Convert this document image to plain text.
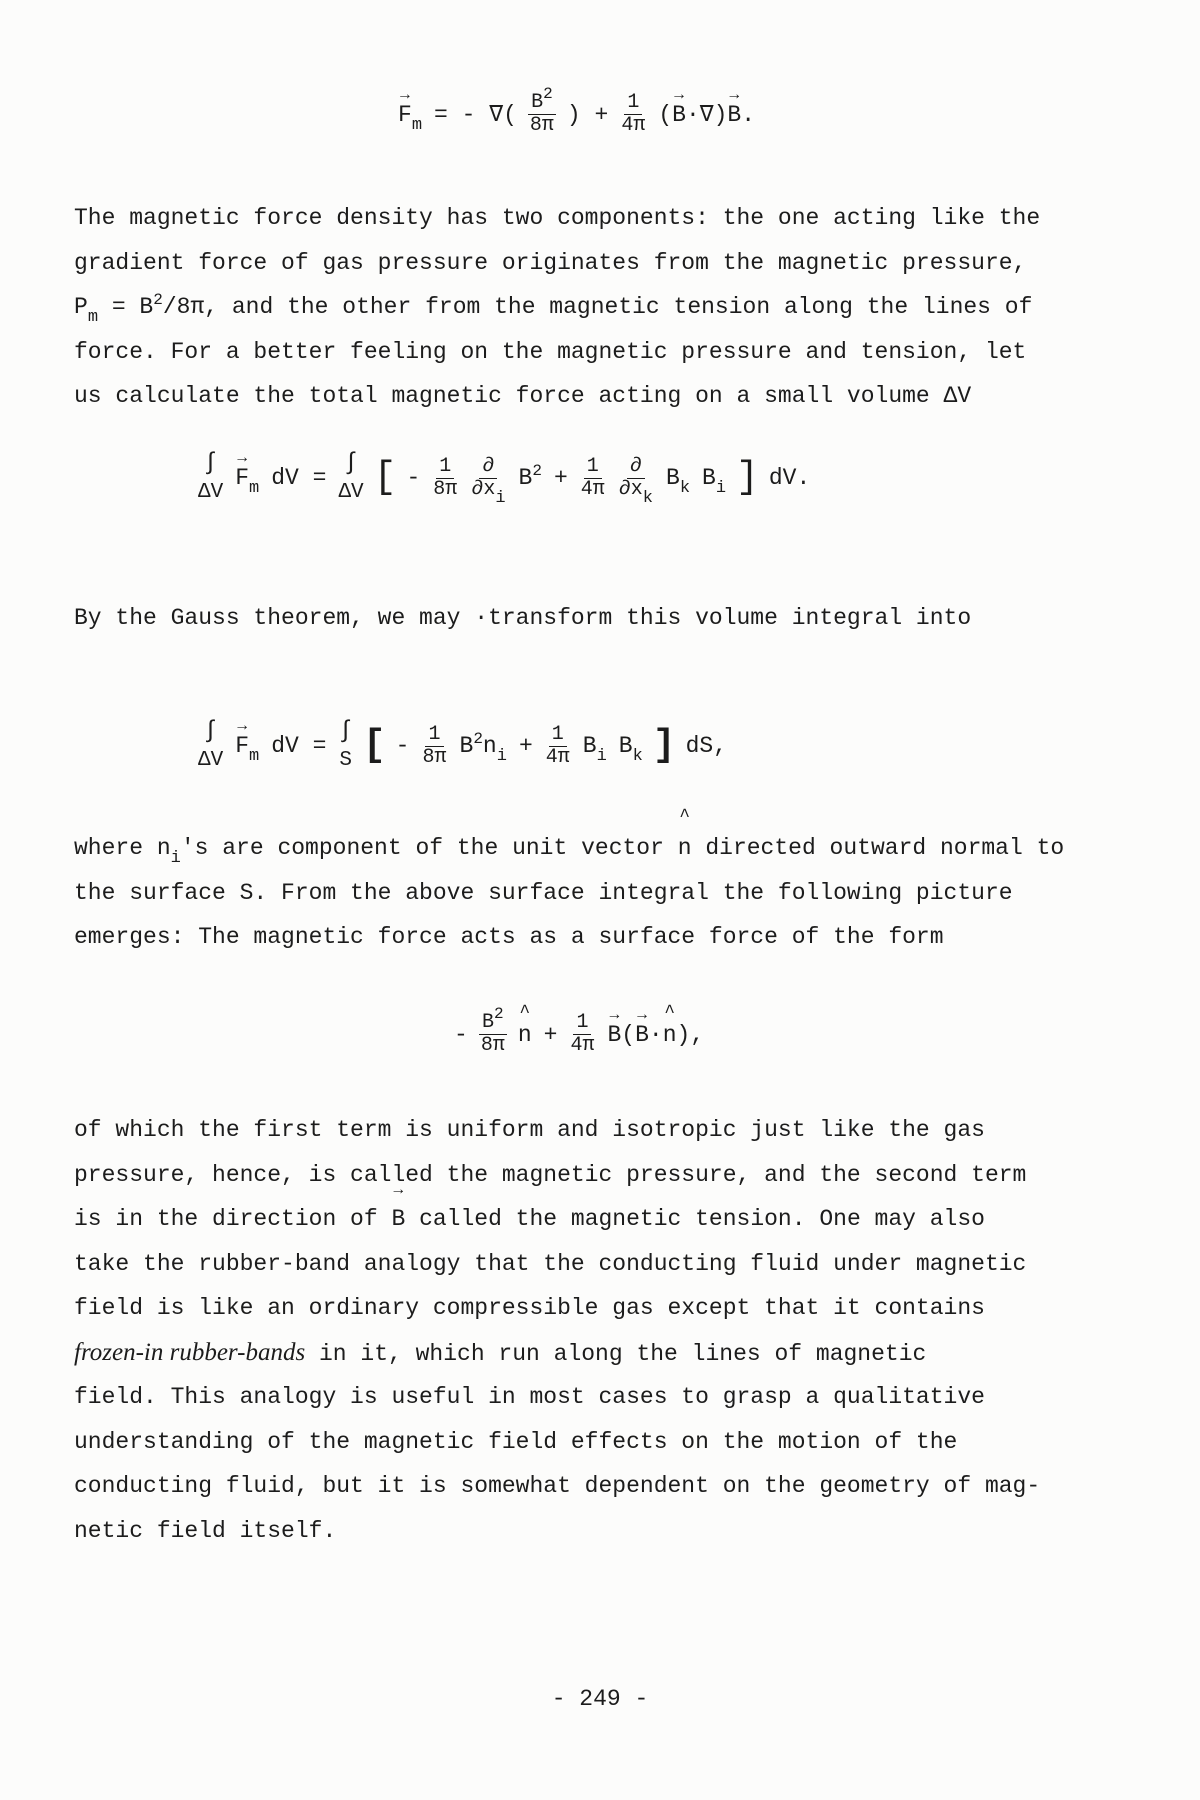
→ $F_m$ = - ∇( $\frac{B^2}{8\pi}$ ) + $\frac{1}{4\pi}$ (→ B·∇)→ B.
The magnetic force density has two components: the one acting like the
gradient force of gas pressure originates from the magnetic pressure,
$P_m = B^2/8\pi$, and the other from the magnetic tension along the lines of
force. For a better feeling on the magnetic pressure and tension, let
us calculate the total magnetic force acting on a small volume ΔV
∫
ΔV
→ $F_m$ dV =
∫
ΔV [ - $\frac{1}{8\pi} \frac{\partial}{\partial x_i} B^2 + \frac{1}{4\pi} \frac{\partial}{\partial x_k} B_k$ $B_i$ ] dV.
By the Gauss theorem, we may ·transform this volume integral into
∫
ΔV
→ $F_m$ dV =
∫
S [ - $\frac{1}{8\pi} B^2n_i + \frac{1}{4\pi} B_i$ $B_k$ ] dS,
where $n_i's$ are component of the unit vector ^ n directed outward normal to
the surface S. From the above surface integral the following picture
emerges: The magnetic force acts as a surface force of the form
- $\frac{B^2}{8\pi}$
^ $n + \frac{1}{4\pi}$
→ B(→ B·^ n),
of which the first term is uniform and isotropic just like the gas
pressure, hence, is called the magnetic pressure, and the second term
is in the direction of → B called the magnetic tension. One may also
take the rubber-band analogy that the conducting fluid under magnetic
field is like an ordinary compressible gas except that it contains
frozen-in rubber-bands in it, which run along the lines of magnetic
field. This analogy is useful in most cases to grasp a qualitative
understanding of the magnetic field effects on the motion of the
conducting fluid, but it is somewhat dependent on the geometry of mag-
netic field itself.
- 249 -
